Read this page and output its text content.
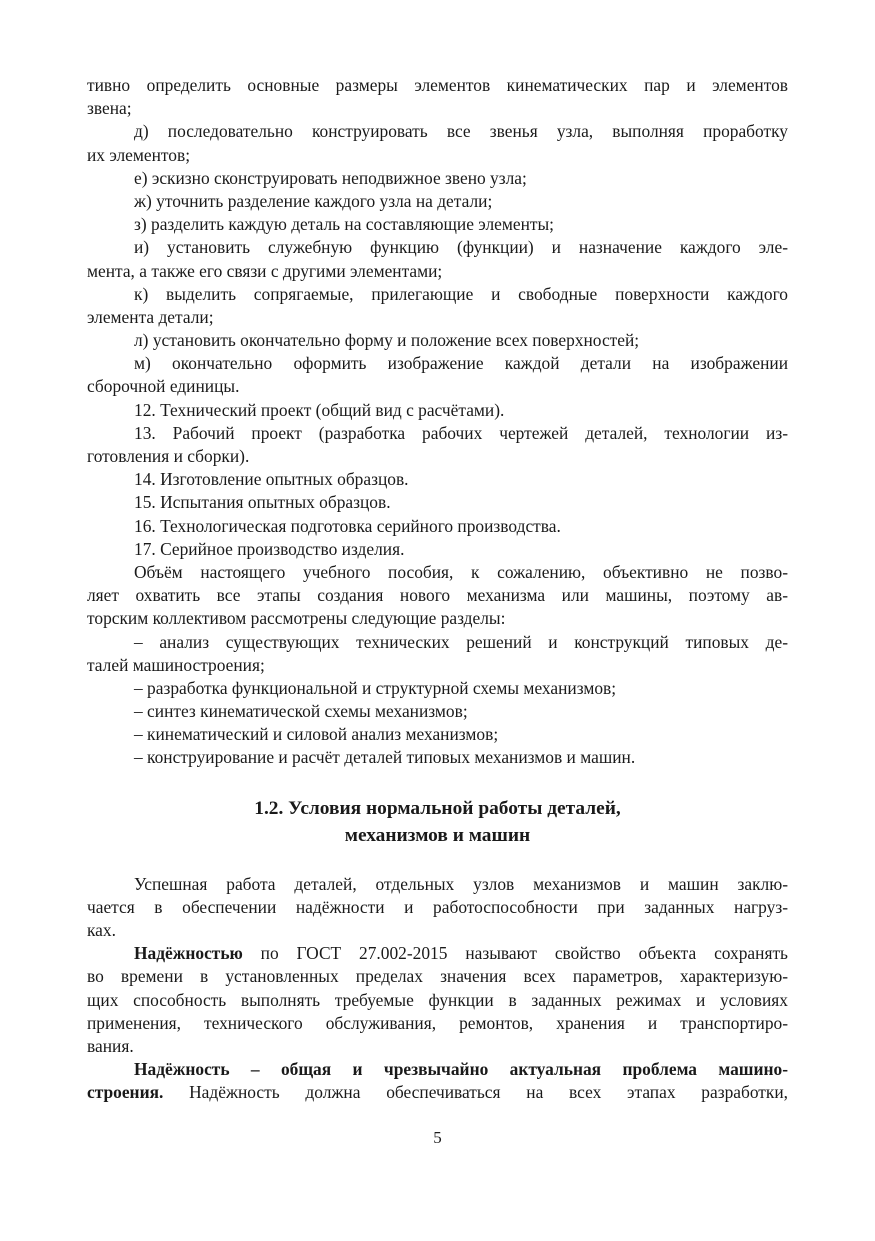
тивно определить основные размеры элементов кинематических пар и элементов
звена;
д) последовательно конструировать все звенья узла, выполняя проработку
их элементов;
е) эскизно сконструировать неподвижное звено узла;
ж) уточнить разделение каждого узла на детали;
з) разделить каждую деталь на составляющие элементы;
и) установить служебную функцию (функции) и назначение каждого эле-
мента, а также его связи с другими элементами;
к) выделить сопрягаемые, прилегающие и свободные поверхности каждого
элемента детали;
л) установить окончательно форму и положение всех поверхностей;
м) окончательно оформить изображение каждой детали на изображении
сборочной единицы.
12. Технический проект (общий вид с расчётами).
13. Рабочий проект (разработка рабочих чертежей деталей, технологии из-
готовления и сборки).
14. Изготовление опытных образцов.
15. Испытания опытных образцов.
16. Технологическая подготовка серийного производства.
17. Серийное производство изделия.
Объём настоящего учебного пособия, к сожалению, объективно не позво-
ляет охватить все этапы создания нового механизма или машины, поэтому ав-
торским коллективом рассмотрены следующие разделы:
– анализ существующих технических решений и конструкций типовых де-
талей машиностроения;
– разработка функциональной и структурной схемы механизмов;
– синтез кинематической схемы механизмов;
– кинематический и силовой анализ механизмов;
– конструирование и расчёт деталей типовых механизмов и машин.
1.2. Условия нормальной работы деталей,
механизмов и машин
Успешная работа деталей, отдельных узлов механизмов и машин заклю-
чается в обеспечении надёжности и работоспособности при заданных нагруз-
ках.
Надёжностью по ГОСТ 27.002-2015 называют свойство объекта сохранять
во времени в установленных пределах значения всех параметров, характеризую-
щих способность выполнять требуемые функции в заданных режимах и условиях
применения, технического обслуживания, ремонтов, хранения и транспортиро-
вания.
Надёжность – общая и чрезвычайно актуальная проблема машино-
строения. Надёжность должна обеспечиваться на всех этапах разработки,
5
